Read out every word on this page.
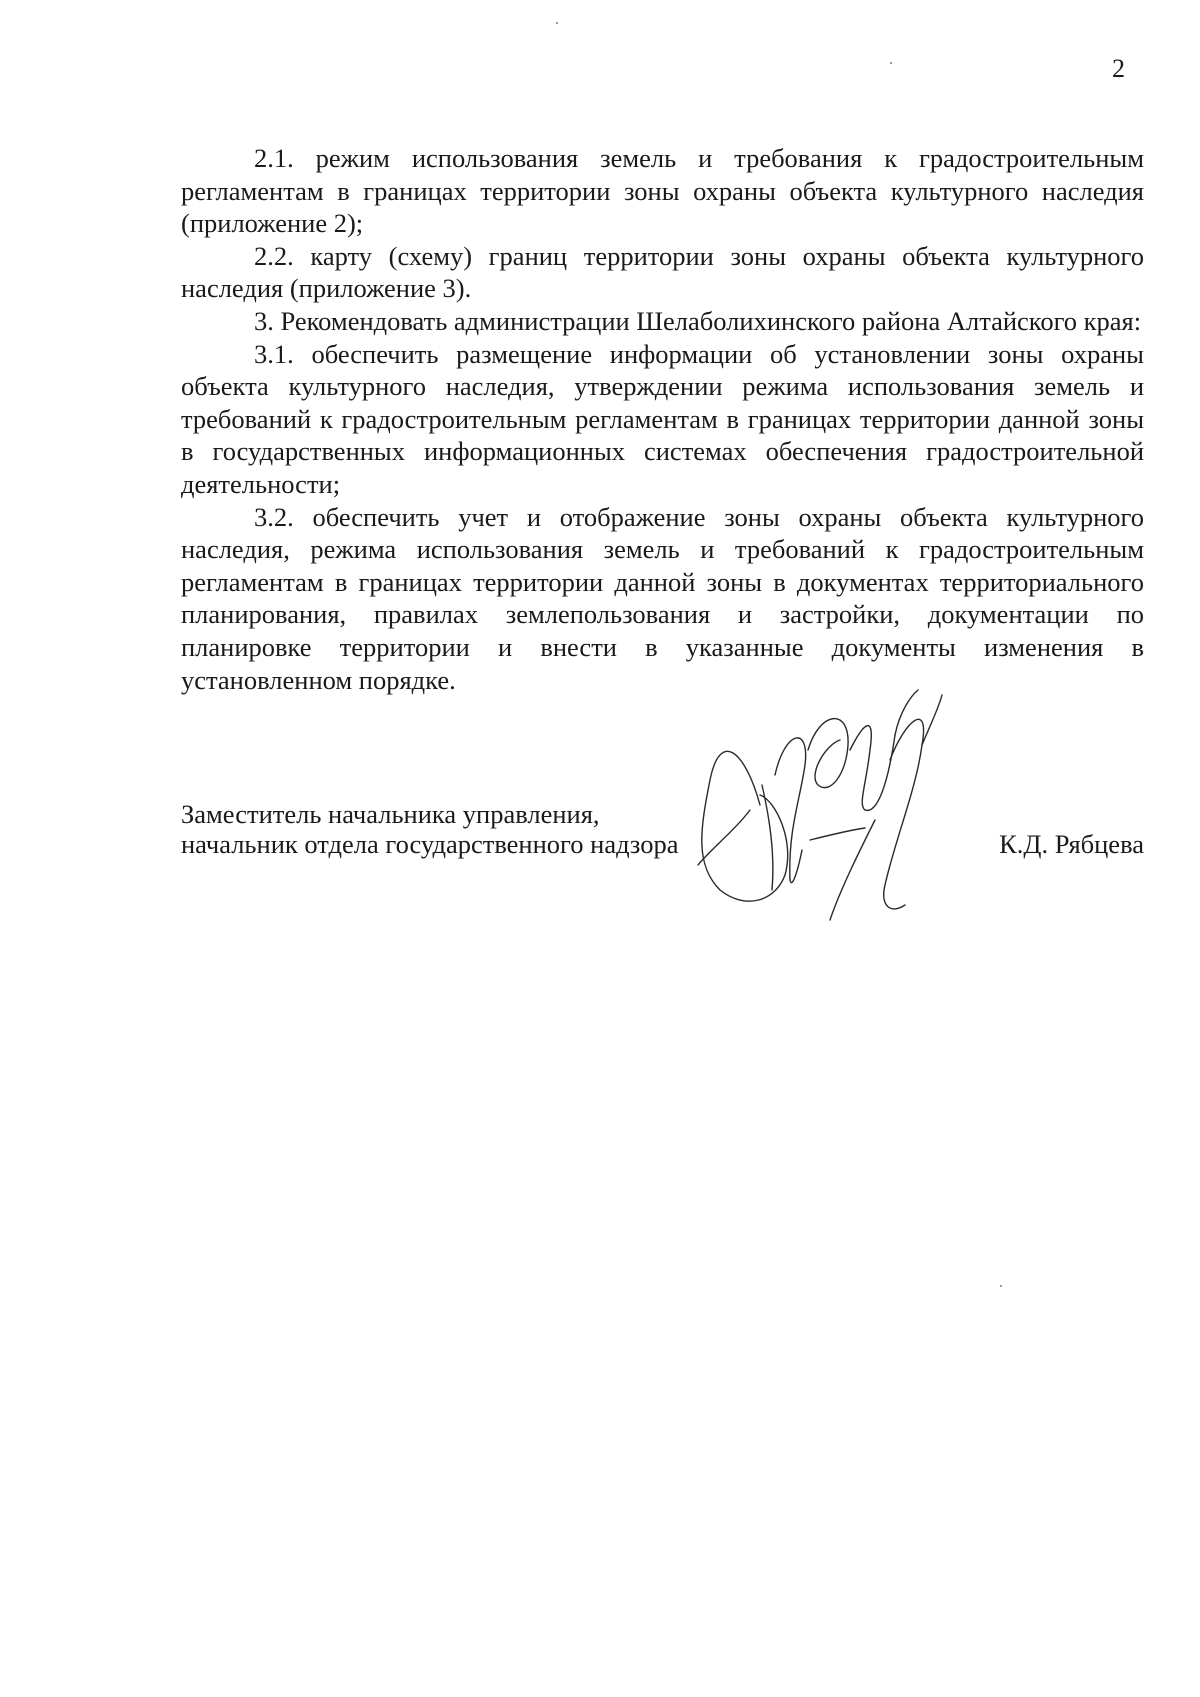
2

2.1. режим использования земель и требования к градостроительным регламентам в границах территории зоны охраны объекта культурного наследия (приложение 2);

2.2. карту (схему) границ территории зоны охраны объекта культурного наследия (приложение 3).

3. Рекомендовать администрации Шелаболихинского района Алтайского края:

3.1. обеспечить размещение информации об установлении зоны охраны объекта культурного наследия, утверждении режима использования земель и требований к градостроительным регламентам в границах территории данной зоны в государственных информационных системах обеспечения градостроительной деятельности;

3.2. обеспечить учет и отображение зоны охраны объекта культурного наследия, режима использования земель и требований к градостроительным регламентам в границах территории данной зоны в документах территориального планирования, правилах землепользования и застройки, документации по планировке территории и внести в указанные документы изменения в установленном порядке.

Заместитель начальника управления,
начальник отдела государственного надзора	К.Д. Рябцева
